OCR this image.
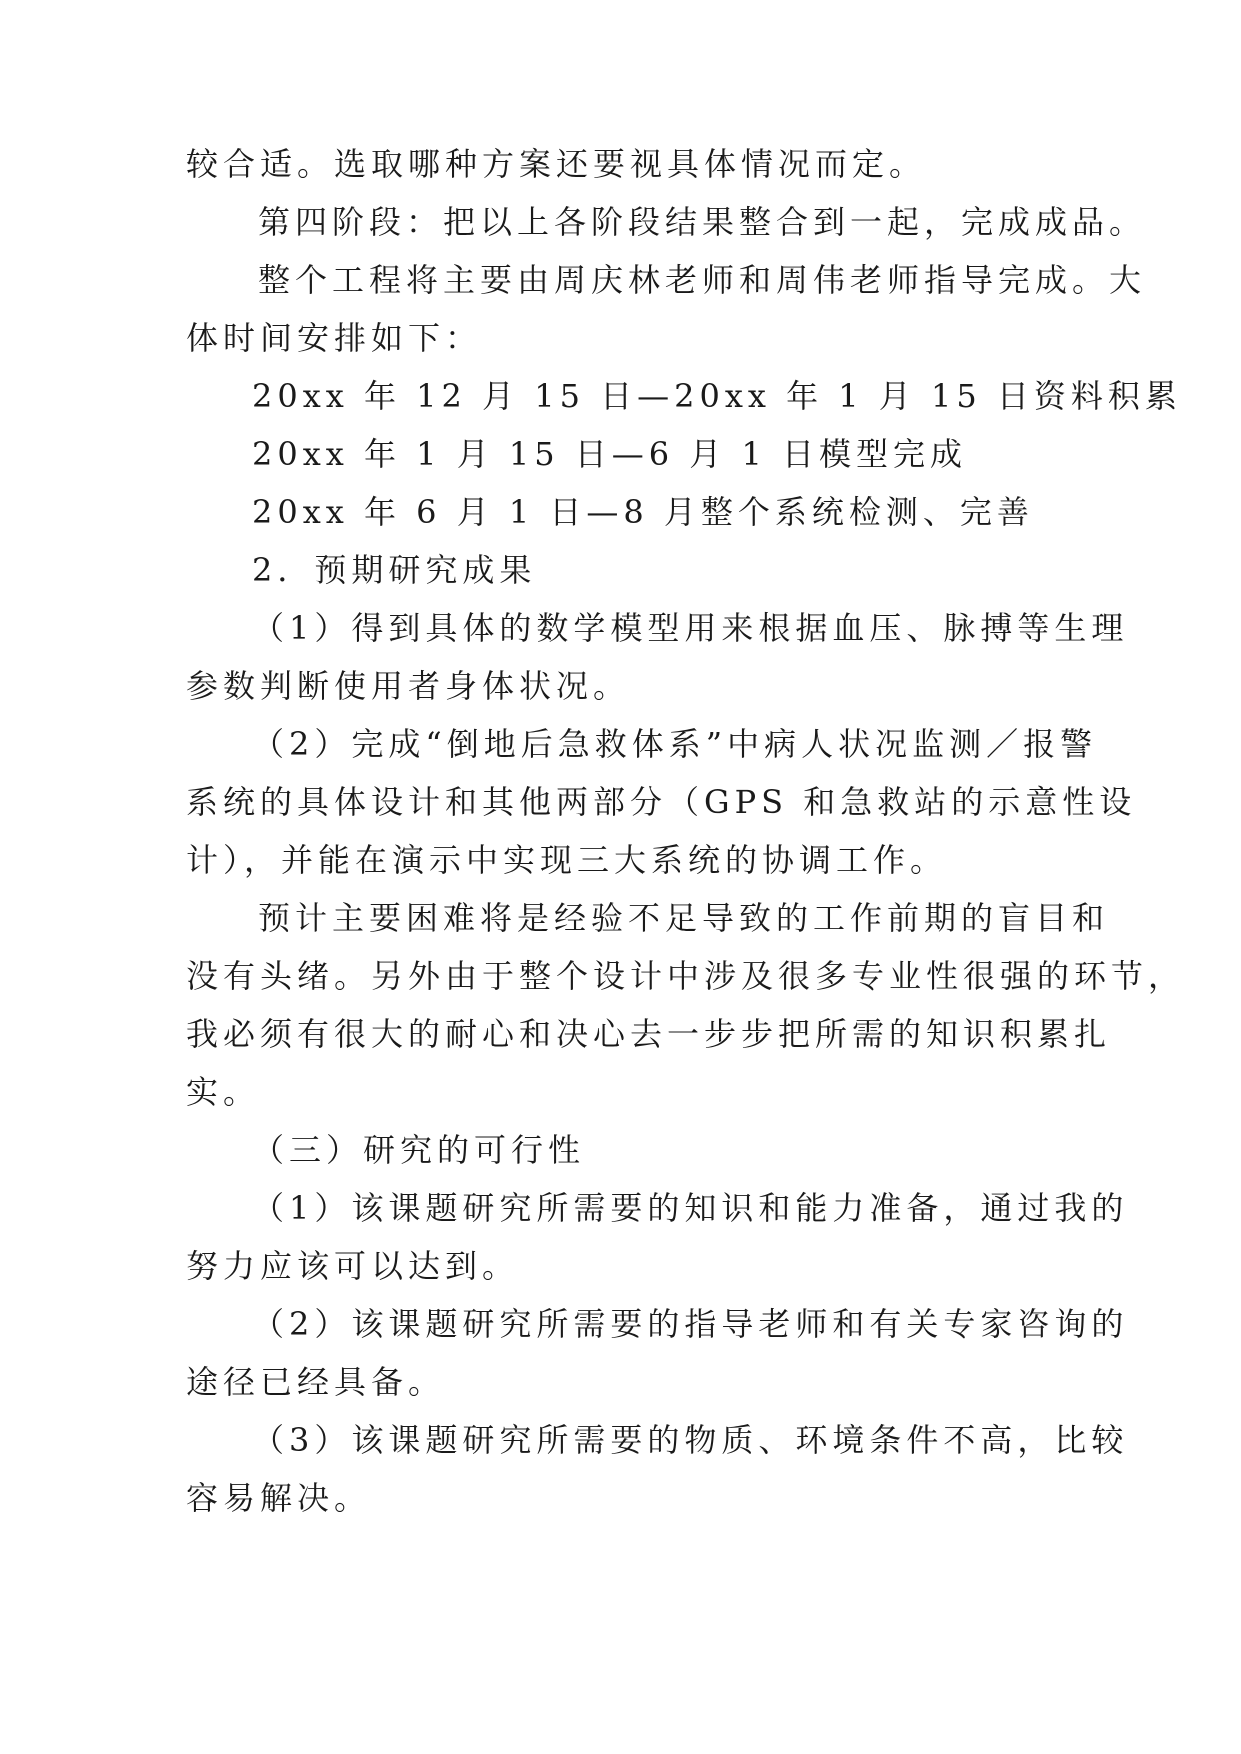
较合适。选取哪种方案还要视具体情况而定。
第四阶段：把以上各阶段结果整合到一起，完成成品。
整个工程将主要由周庆林老师和周伟老师指导完成。大
体时间安排如下：
20xx 年 12 月 15 日—20xx 年 1 月 15 日资料积累
20xx 年 1 月 15 日—6 月 1 日模型完成
20xx 年 6 月 1 日—8 月整个系统检测、完善
2．预期研究成果
（1）得到具体的数学模型用来根据血压、脉搏等生理
参数判断使用者身体状况。
（2）完成“倒地后急救体系”中病人状况监测／报警
系统的具体设计和其他两部分（GPS 和急救站的示意性设
计），并能在演示中实现三大系统的协调工作。
预计主要困难将是经验不足导致的工作前期的盲目和
没有头绪。另外由于整个设计中涉及很多专业性很强的环节，
我必须有很大的耐心和决心去一步步把所需的知识积累扎
实。
（三）研究的可行性
（1）该课题研究所需要的知识和能力准备，通过我的
努力应该可以达到。
（2）该课题研究所需要的指导老师和有关专家咨询的
途径已经具备。
（3）该课题研究所需要的物质、环境条件不高，比较
容易解决。
